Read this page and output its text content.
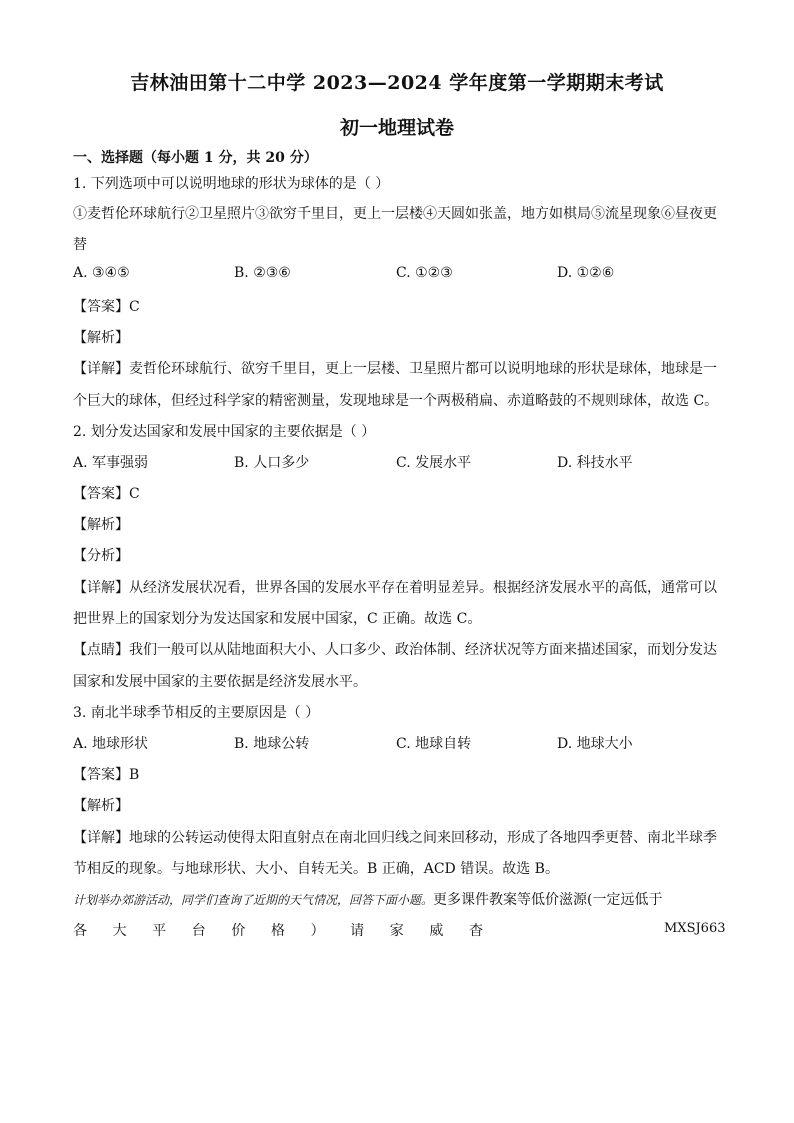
吉林油田第十二中学 2023—2024 学年度第一学期期末考试
初一地理试卷
一、选择题（每小题 1 分，共 20 分）
1. 下列选项中可以说明地球的形状为球体的是（ ）
①麦哲伦环球航行②卫星照片③欲穷千里目，更上一层楼④天圆如张盖，地方如棋局⑤流星现象⑥昼夜更
替
A. ③④⑤	B. ②③⑥	C. ①②③	D. ①②⑥
【答案】C
【解析】
【详解】麦哲伦环球航行、欲穷千里目，更上一层楼、卫星照片都可以说明地球的形状是球体，地球是一
个巨大的球体，但经过科学家的精密测量，发现地球是一个两极稍扁、赤道略鼓的不规则球体，故选 C。
2. 划分发达国家和发展中国家的主要依据是（ ）
A. 军事强弱	B. 人口多少	C. 发展水平	D. 科技水平
【答案】C
【解析】
【分析】
【详解】从经济发展状况看，世界各国的发展水平存在着明显差异。根据经济发展水平的高低，通常可以
把世界上的国家划分为发达国家和发展中国家，C 正确。故选 C。
【点睛】我们一般可以从陆地面积大小、人口多少、政治体制、经济状况等方面来描述国家，而划分发达
国家和发展中国家的主要依据是经济发展水平。
3. 南北半球季节相反的主要原因是（ ）
A. 地球形状	B. 地球公转	C. 地球自转	D. 地球大小
【答案】B
【解析】
【详解】地球的公转运动使得太阳直射点在南北回归线之间来回移动，形成了各地四季更替、南北半球季
节相反的现象。与地球形状、大小、自转无关。B 正确，ACD 错误。故选 B。
计划举办郊游活动，同学们查询了近期的天气情况，回答下面小题。更多课件教案等低价滋源(一定远低于
各 大 平 台 价 格 ） 请 家 威 杳	MXSJ663
